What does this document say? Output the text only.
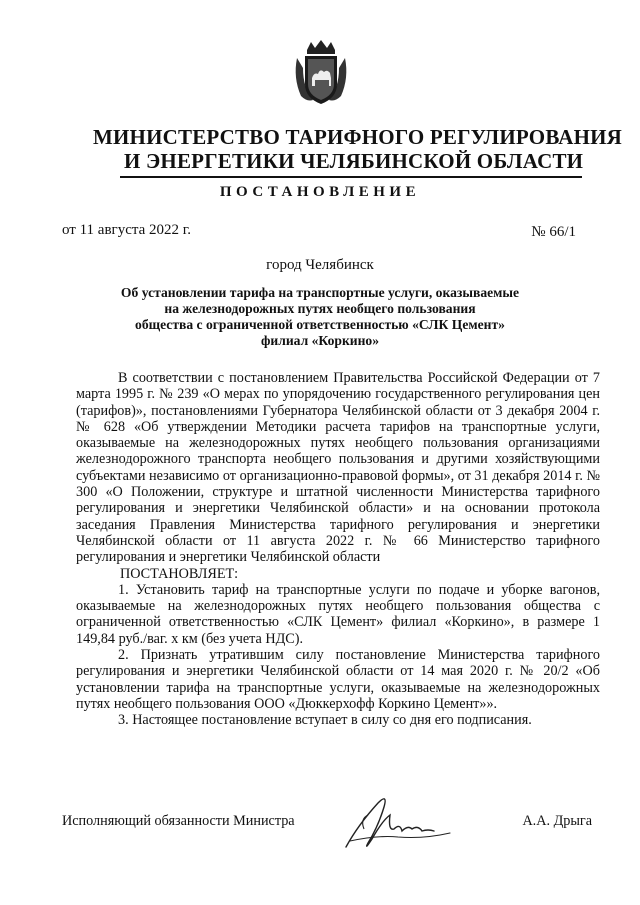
МИНИСТЕРСТВО ТАРИФНОГО РЕГУЛИРОВАНИЯ
И ЭНЕРГЕТИКИ ЧЕЛЯБИНСКОЙ ОБЛАСТИ
ПОСТАНОВЛЕНИЕ
от 11 августа 2022 г.	№ 66/1
город Челябинск
Об установлении тарифа на транспортные услуги, оказываемые
на железнодорожных путях необщего пользования
общества с ограниченной ответственностью «СЛК Цемент»
филиал «Коркино»

В соответствии с постановлением Правительства Российской Федерации от 7 марта 1995 г. № 239 «О мерах по упорядочению государственного регулирования цен (тарифов)», постановлениями Губернатора Челябинской области от 3 декабря 2004 г. № 628 «Об утверждении Методики расчета тарифов на транспортные услуги, оказываемые на железнодорожных путях необщего пользования организациями железнодорожного транспорта необщего пользования и другими хозяйствующими субъектами независимо от организационно-правовой формы», от 31 декабря 2014 г. № 300 «О Положении, структуре и штатной численности Министерства тарифного регулирования и энергетики Челябинской области» и на основании протокола заседания Правления Министерства тарифного регулирования и энергетики Челябинской области от 11 августа 2022 г. № 66 Министерство тарифного регулирования и энергетики Челябинской области

ПОСТАНОВЛЯЕТ:

1. Установить тариф на транспортные услуги по подаче и уборке вагонов, оказываемые на железнодорожных путях необщего пользования общества с ограниченной ответственностью «СЛК Цемент» филиал «Коркино», в размере 1 149,84 руб./ваг. х км (без учета НДС).

2. Признать утратившим силу постановление Министерства тарифного регулирования и энергетики Челябинской области от 14 мая 2020 г. № 20/2 «Об установлении тарифа на транспортные услуги, оказываемые на железнодорожных путях необщего пользования ООО «Дюккерхофф Коркино Цемент»».

3. Настоящее постановление вступает в силу со дня его подписания.

Исполняющий обязанности Министра	А.А. Дрыга
